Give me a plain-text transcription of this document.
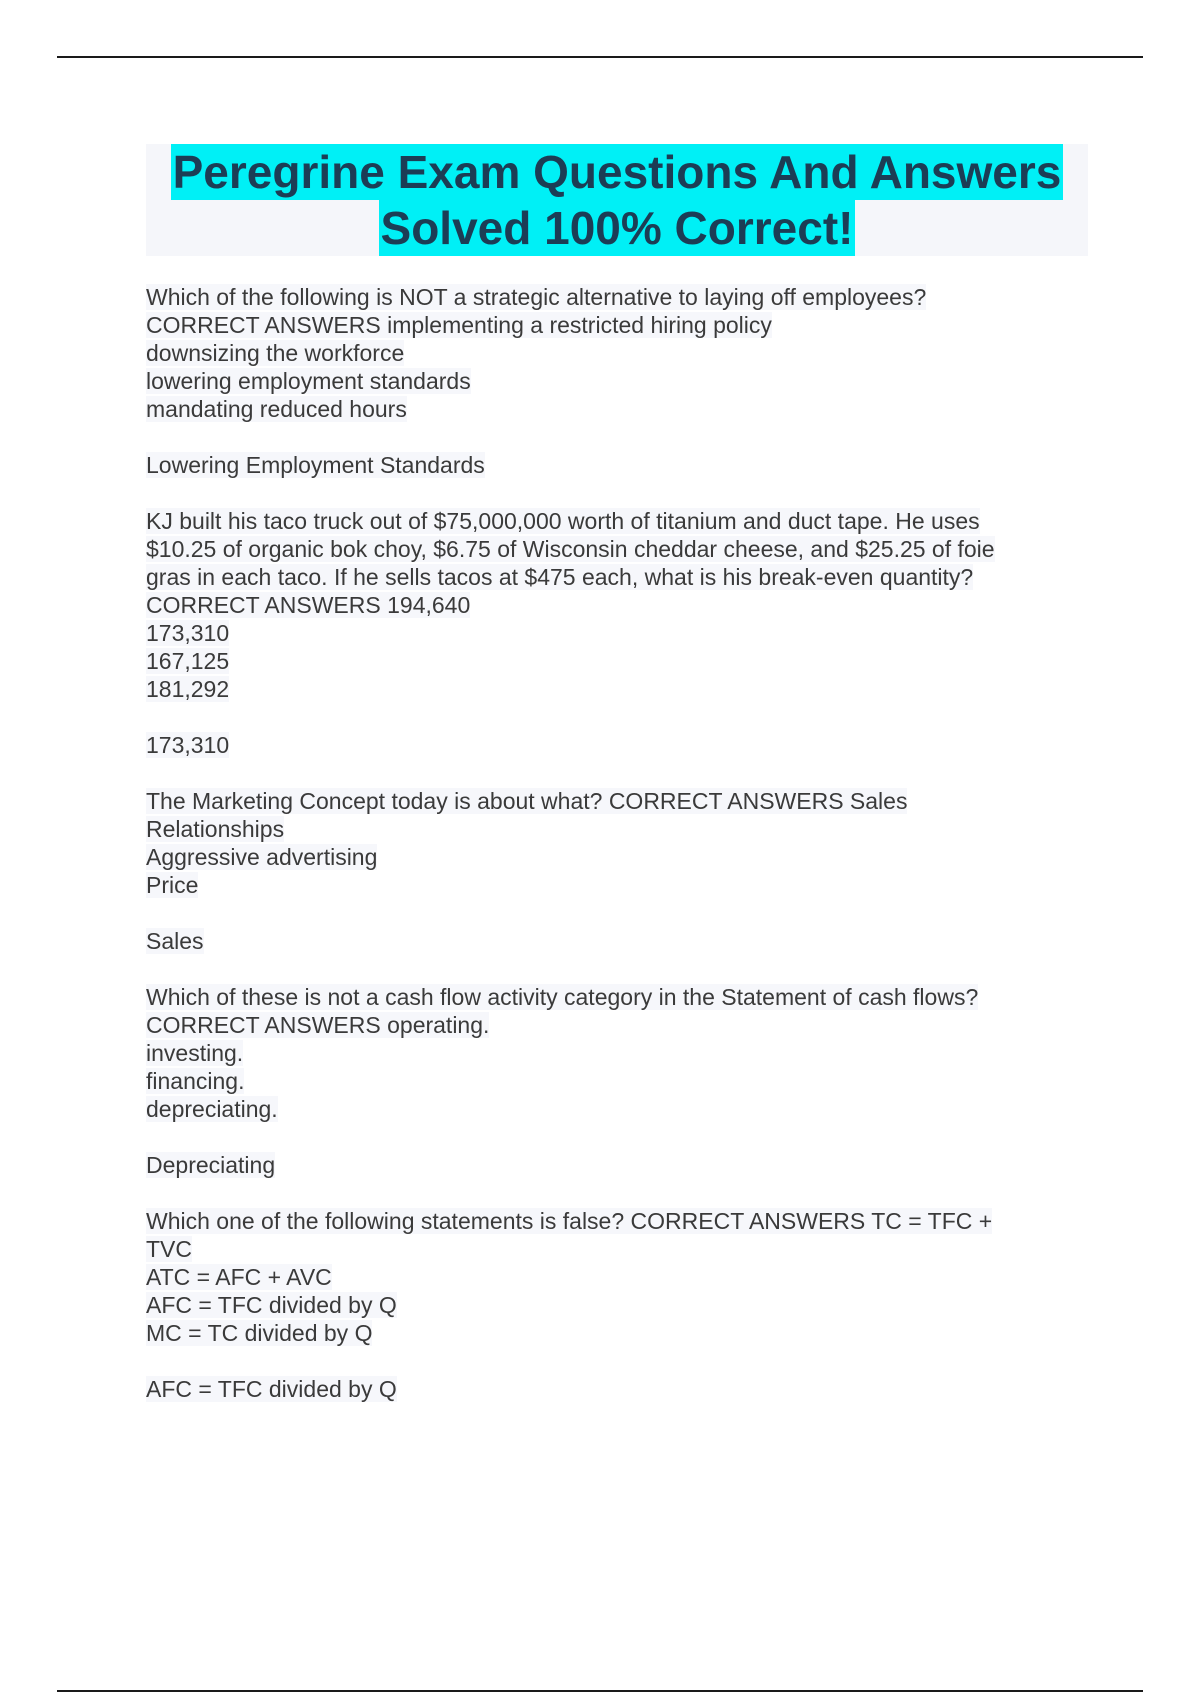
Peregrine Exam Questions And Answers
Solved 100% Correct!
Which of the following is NOT a strategic alternative to laying off employees?
CORRECT ANSWERS implementing a restricted hiring policy
downsizing the workforce
lowering employment standards
mandating reduced hours
Lowering Employment Standards
KJ built his taco truck out of $75,000,000 worth of titanium and duct tape. He uses
$10.25 of organic bok choy, $6.75 of Wisconsin cheddar cheese, and $25.25 of foie
gras in each taco. If he sells tacos at $475 each, what is his break-even quantity?
CORRECT ANSWERS 194,640
173,310
167,125
181,292
173,310
The Marketing Concept today is about what? CORRECT ANSWERS Sales
Relationships
Aggressive advertising
Price
Sales
Which of these is not a cash flow activity category in the Statement of cash flows?
CORRECT ANSWERS operating.
investing.
financing.
depreciating.
Depreciating
Which one of the following statements is false? CORRECT ANSWERS TC = TFC +
TVC
ATC = AFC + AVC
AFC = TFC divided by Q
MC = TC divided by Q
AFC = TFC divided by Q
